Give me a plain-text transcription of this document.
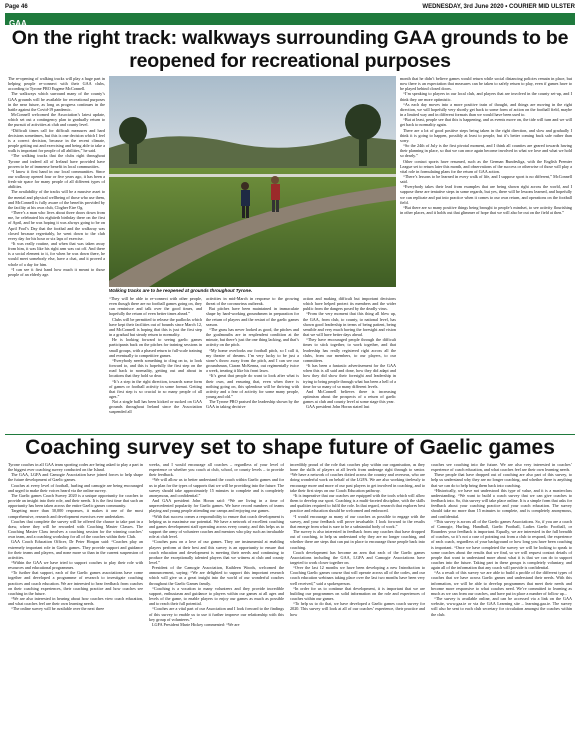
Page 46	WEDNESDAY, 3rd June 2020 • COURIER MID ULSTER
GAA
On the right track: walkways surrounding GAA grounds to be reopened for recreational purposes

The re-opening of walking tracks will play a huge part in helping people re-connect with their GAA clubs, according to Tyrone PRO Eugene McConnell.

The walkways which surround many of the county’s GAA grounds will be available for recreational purposes in the near future, as long as progress continues in the battle against the Covid-19 pandemic.

McConnell welcomed the Association’s latest update, which set out a contingency plan to gradually return to the pursuit of activities at club and county level.

“Difficult times call for difficult measures and hard decisions sometimes, but this is one decision which I feel is a correct decision, because in the recent climate, people getting out and exercising and being able to take a walk is important for people of all abilities,” he said.

“The walking tracks that the clubs right throughout Tyrone and indeed all of Ireland have provided have proven to be of immense benefit in local communities.

“I know it first hand in our local communities. Since our walkway opened four or five years ago, it has been a fresh-air space for many people of all different types of abilities.

The availability of the tracks will be a massive asset to the mental and physical wellbeing of those who use them, and McConnell is fully aware of the benefits provided by the facility at his own club, Clogher Eire Og.

“There’s a man who lives about three doors down from me, he celebrated his eightieth birthday there on the first of April, and he was hoping it was always going to be on April Fool’s Day that the footbal and the walkway was closed because regrettably, he went down to the club every day for his hour or six laps of exercise.

“It was really routine, and when that was taken away from him, it was like his right arm was cut off. And there is a social element to it, for when he was down there, he would meet somebody else, have a chat, and it proved a whole of a day for him.

“I can see it first hand how much it meant to those people of an elderly age.

Walking tracks are to be reopened at grounds throughout Tyrone.

“They will be able to re-connect with other people, even though there are no football games going on, they can reminisce and talk over the good times, and hopefully the return of even better times ahead.”

Clubs will be permitted to release the padlocks which have kept their facilities out of bounds since March 12, and McConnell is hoping that this is just the first step in a gradual but steady return to normality.

He is looking forward to seeing gaelic games participants back on the pitches for training sessions in small groups, with a phased return to full-scale training and eventually to competitive games.

“Everybody needs something to cling on to, to look forward to, and this is hopefully the first step on the road back to normality, getting out and about in locations that they hold so dear.

“It’s a step in the right direction, towards some form of games or football activity in some format. Getting that first step is so crucial to so many people of all ages.”

Not a single ball has been kicked or sucked on GAA grounds throughout Ireland since the Association suspended all

activities in mid-March in response to the growing threat of the coronavirus outbreak.

But pitches have been maintained in immaculate shape by hard-working groundsmen in preparation for the return of players and the restart of the gaelic games season.

“The grass has never looked as good, the pitches and the goalmouths are in resplendent condition at the minute, but there’s just the one thing lacking, and that’s activity on the pitch.

“My home overlooks our football pitch, so I call it, my theatre of dreams. I’m very lucky to be just a stone’s throw away from the pitch, and I can see our groundsman, Ciaran McKenna, out regimentally twice a week, treating it like his front lawn.

“It’s great that people do want to look after what is their own, and ensuring that, even when there is nothing going on, this splendour will be thriving with activity and a fear of activity for some many people, young and old.”

The Tyrone PRO praised the leadership shown by the GAA in taking decisive

action and making difficult but important decisions which have helped protect its members and the wider public from the dangers posed by the deadly virus.

“From the very moment that this thing all blew up, the GAA, from club, to county, to national level, has shown good leadership in terms of being patient, being sensible and very much having the foresight and vision that we will have better days ahead.

“They have encouraged people through the difficult times to stick together, to work together, and that leadership has really registered right across all the clubs, from our members, to our players, to our committees.

“It has been a fantastic advertisement for the GAA when this is all said and done, how they did adapt and how they did show their foresight and leadership in trying to bring people through what has been a hell of a time for so many of so many different levels.

And McConnell believes there is increasing optimism about the prospects of a return of gaelic games at club and county level at some stage this year.

GAA president John Horan stated last

month that he didn’t believe games would return while social distancing policies remain in place, but now there is an expectation that measures can be taken to safely return to play, even if games have to be played behind closed doors.

“I’m speaking to players in our local club, and players that are involved in the county set-up, and I think they are more optimistic.

“As each day moves into a more positive train of thought, and things are moving in the right direction, we will hopefully very shortly get back to some form of action on the football field, maybe in a limited way and in different formats than we would have been used to.

“But at least, people see that this is happening, and as events move on, the tide will turn and we will get back to normality again.

There are a lot of good positive steps being taken in the right direction, and slow and gradually I think it is going to happen, possibly at least to people, but it’s better coming back safe rather than sorry.

“So the 24th of July is the first pivotal moment, and I think all counties are geared towards having their planning in place, so that we can once again become involved in what we love and what we hold so dearly.”

Other contact sports have resumed, such as the German Bundesliga, with the English Premier League set to return later this month, and observations of the success or otherwise of those will play a vital role in formulating plans for the return of GAA action.

“There’s lessons to be learned in every walk of life, and I suppose sport is no different,” McConnell said.

“Everybody takes their lead from examples that are being shown right across the world, and I suppose these are tentative steps in some regards, but yes, there will be lessons learned, and hopefully we can replicate and put into practice when it comes to our own return, and operations on the football field.

“But there are so many positive things being brought to people’s mindset, to see activity flourishing in other places, and it holds out that glimmer of hope that we will also be out on the field at then.”

Coaching survey set to shape future of Gaelic games

Tyrone coaches in all GAA team sporting codes are being asked to play a part in the biggest ever coaching survey conducted on the Island.

The GAA, LGFA and Camogie Association have joined forces to help shape the future development of Gaelic games.

Coaches at every level of football, hurling and camogie are being encouraged and urged to make their voices heard via the online survey.

The Gaelic games Coach Survey 2020 is a unique opportunity for coaches to provide an insight into their role, and their needs. It is the first time that such an opportunity has been taken across the entire Gaelic games community.

Targeting more than 30,000 responses, it makes it one of the most comprehensive, research and development exercises ever undertaken.

Coaches that complete the survey will be offered the chance to take part in a draw, where they will be rewarded with Coaching Master Classes. The Coaching Master Class involves a coaching session for the winning coaches’ own team, and a coaching workshop for all of the coaches within their Club.

GAA Coach Education Officer, Dr Peter Horgan said: “Coaches play an extremely important role in Gaelic games. They provide support and guidance for their teams and players, and none more so than in the current suspension of activities.

“Within the GAA we have tried to support coaches to play their role with resources and educational programmes.

“To further that support, each of the Gaelic games associations have come together and developed a programme of research to investigate coaching practices and coach education. We are interested to hear feedback from coaches on their coaching experiences, their coaching practice and how coaches see coaching in the future.

“We are also interested in hearing about how coaches view coach education, and what coaches feel are their own learning needs.

“The online survey will be available over the next three

weeks, and I would encourage all coaches – regardless of your level of experience or whether you coach at club, school, or county levels – to provide their feedback.

“We will allow us to better understand the coach within Gaelic games and for us to plan for the types of supports that we will be providing into the future. The survey should take approximately 15 minutes to complete and is completely anonymous, and confidential.”

And GAA president John Horan said: “We are living in a time of unprecedented popularity for Gaelic games. We have record numbers of teams playing and young people attending our camps and enjoying our games.

“With that success comes a responsibility to ensure that coach development is helping us to maximise our potential. We have a network of excellent coaching and games development staff operating across every county, and this helps us to support the army of volunteer coaches and mentors who play such an invaluable role at club level.

“Coaches pass on a love of our games. They are instrumental at enabling players perform at their best and this survey is an opportunity to ensure that coach education and development is meeting their needs and continuing to produce the exceptionally talented players that we witness at club and county level.”

President of the Camogie Association, Kathleen Woods, welcomed the announcement, saying: “We are delighted to support this important research which will give us a great insight into the world of our wonderful coaches throughout the Gaelic Games family.

“Coaching is a vocation to many volunteers and they provide incredible support, enthusiasm and guidance to players within our games at all ages and levels of the game, to enable players to enjoy our games as much as possible and to reach their full potential.

“Coaches are a vital part of our Association and I look forward to the findings of this survey to enable us to use it further improve our relationship with this key group of volunteers.”

LGFA President Marie Hickey commented: “We are

incredibly proud of the role that coaches play within our organisation, as they hone the skills of players at all levels from underage right through to senior. “We have a network of coaches dotted across the country and overseas, who are doing wonderful work on behalf of the LGFA. We are also working tirelessly to encourage more and more of our past players to get involved in coaching, and to take their first steps on our Coach Education pathway.

“It is imperative that our coaches are equipped with the tools which will allow them to develop our sport. Coaching is a multi-faceted discipline, with the skills and qualities required to fulfil the role. In that regard, research that explores best practice and education should be welcomed and embraced.

“I would encourage as many of our coaches as possible to engage with the survey, and your feedback will prove invaluable. I look forward to the results that emerge from what is sure to be a substantial body of work.”

The survey is also interested in feedback from any coaches that have dropped out of coaching, to help us understand why they are no longer coaching, and whether there are steps that can put in place to encourage those people back into coaching.

Coach development has become an area that each of the Gaelic games Associations including the GAA, LGFA and Camogie Associations have targeted to work closer together on.

“Over the last 12 months we have been developing a new Introduction to Coaching Gaelic games course that will operate across all of the codes, and our coach education webinars taking place over the last two months have been very well received,” said a spokesperson.

“In order for us to continue that development, it is important that we are building our programmes on solid information on the role and experiences of coaches within our games.

“To help us to do that, we have developed a Gaelic games coach survey for 2020. This survey will look at all of our coaches’ experience, their practice and how

coaches see coaching into the future. We are also very interested in coaches’ experience of coach education, and what coaches feel are their own learning needs.

These people that have dropped out of coaching are also part of this survey, to help us understand why they are no longer coaching, and whether there is anything that we can do to help bring them back into coaching.

“Historically, we have not understood this type of value, and it is a masterclass understanding. “We want to build a coach survey that we can give coaches to feedback into. So, this survey will take place online. It is a simple form that asks for feedback about your coaching practice and your coach education. The survey should take no more than 15 minutes to complete, and is completely anonymous, and confidential.

“This survey is across all of the Gaelic games Associations. So, if you are a coach of Camogie, Hurling, Handball, Gaelic Football, Ladies Gaelic Football, or Rounders your feedback is important. Equally, we are interested in the full breadth of coaches, so it’s not a case of pointing out from a club to respond, the experience of each coach, regardless of your background or how long you have been coaching is important. “Once we have completed the survey we will be looking to speak to some coaches about the results that we find, so we will request contact details of people that want to understand more about what it is that we can do to support coaches into the future. Taking part in these groups is completely voluntary, and again all of the information that any coach will provide is confidential.

“As a result of this survey we are able to build a profile of the different types of coaches that we have across Gaelic games and understand their needs. With this information, we will be able to develop programmes that meet their needs and become more responsive to what coaches need. We’re committed to learning as much as we can from our coaches, and have put in place a number of follow up...

“The survey is available online, and can be accessed via a link on the GAA website, www.gaa.ie or via the GAA Learning site – learning.gaa.ie. The survey will also be sent to each club secretary for circulation amongst the coaches within the club.
